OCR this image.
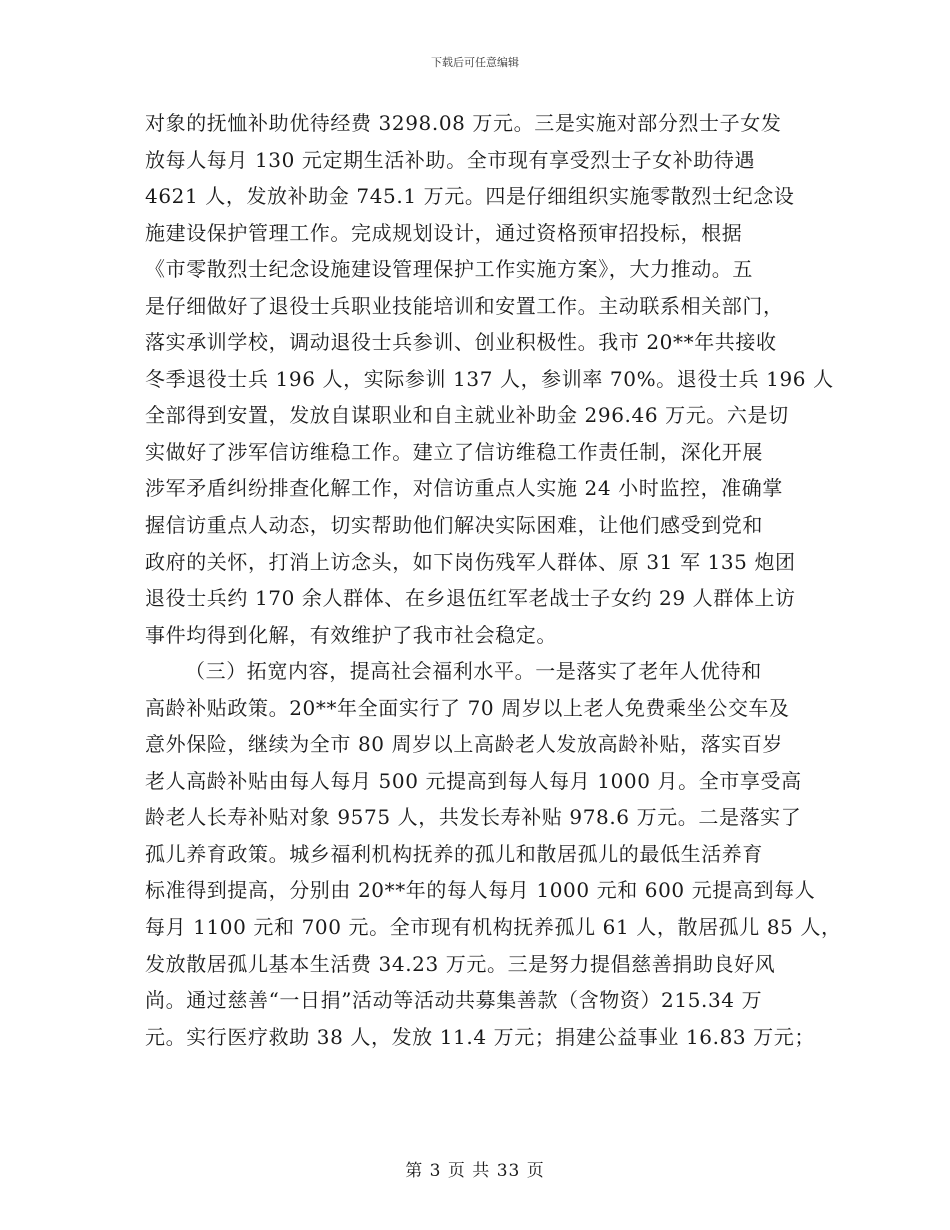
下载后可任意编辑
对象的抚恤补助优待经费 3298.08 万元。三是实施对部分烈士子女发
放每人每月 130 元定期生活补助。全市现有享受烈士子女补助待遇
4621 人，发放补助金 745.1 万元。四是仔细组织实施零散烈士纪念设
施建设保护管理工作。完成规划设计，通过资格预审招投标，根据
《市零散烈士纪念设施建设管理保护工作实施方案》，大力推动。五
是仔细做好了退役士兵职业技能培训和安置工作。主动联系相关部门，
落实承训学校，调动退役士兵参训、创业积极性。我市 20**年共接收
冬季退役士兵 196 人，实际参训 137 人，参训率 70%。退役士兵 196 人
全部得到安置，发放自谋职业和自主就业补助金 296.46 万元。六是切
实做好了涉军信访维稳工作。建立了信访维稳工作责任制，深化开展
涉军矛盾纠纷排查化解工作，对信访重点人实施 24 小时监控，准确掌
握信访重点人动态，切实帮助他们解决实际困难，让他们感受到党和
政府的关怀，打消上访念头，如下岗伤残军人群体、原 31 军 135 炮团
退役士兵约 170 余人群体、在乡退伍红军老战士子女约 29 人群体上访
事件均得到化解，有效维护了我市社会稳定。
（三）拓宽内容，提高社会福利水平。一是落实了老年人优待和
高龄补贴政策。20**年全面实行了 70 周岁以上老人免费乘坐公交车及
意外保险，继续为全市 80 周岁以上高龄老人发放高龄补贴，落实百岁
老人高龄补贴由每人每月 500 元提高到每人每月 1000 月。全市享受高
龄老人长寿补贴对象 9575 人，共发长寿补贴 978.6 万元。二是落实了
孤儿养育政策。城乡福利机构抚养的孤儿和散居孤儿的最低生活养育
标准得到提高，分别由 20**年的每人每月 1000 元和 600 元提高到每人
每月 1100 元和 700 元。全市现有机构抚养孤儿 61 人，散居孤儿 85 人，
发放散居孤儿基本生活费 34.23 万元。三是努力提倡慈善捐助良好风
尚。通过慈善“一日捐”活动等活动共募集善款（含物资）215.34 万
元。实行医疗救助 38 人，发放 11.4 万元；捐建公益事业 16.83 万元；
第 3 页 共 33 页
